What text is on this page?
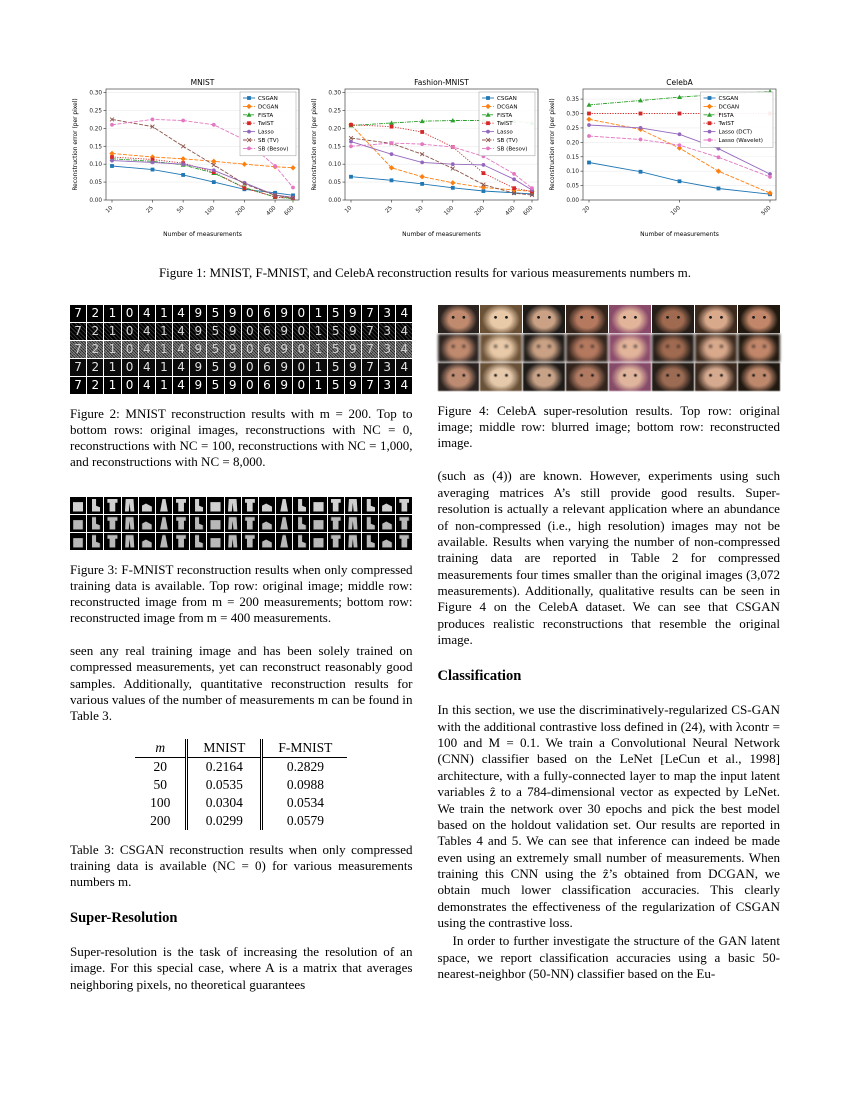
MNIST
0.00
0.05
0.10
0.15
0.20
0.25
0.30
Reconstruction error (per pixel)
10	25	50	100	200	400 600
Number of measurements
CSGAN
DCGAN
FISTA
TwIST
Lasso
SB (TV)
SB (Besov)
Fashion-MNIST
0.00
0.05
0.10
0.15
0.20
0.25
0.30
Reconstruction error (per pixel)
10	25	50	100	200	400 600
Number of measurements
CSGAN
DCGAN
FISTA
TwIST
Lasso
SB (TV)
SB (Besov)
CelebA
0.00
0.05
0.10
0.15
0.20
0.25
0.30
0.35
Reconstruction error (per pixel)
20	100	500
Number of measurements
CSGAN
DCGAN
FISTA
TwIST
Lasso (DCT)
Lasso (Wavelet)
Figure 1: MNIST, F-MNIST, and CelebA reconstruction results for various measurements numbers m.
7 2 1 0 4 1 4 9 5 9 0 6 9 0 1 5 9 7 3 4
7 2 1 0 4 1 4 9 5 9 0 6 9 0 1 5 9 7 3 4
7 2 1 0 4 1 4 9 5 9 0 6 9 0 1 5 9 7 3 4
7 2 1 0 4 1 4 9 5 9 0 6 9 0 1 5 9 7 3 4
7 2 1 0 4 1 4 9 5 9 0 6 9 0 1 5 9 7 3 4
Figure 2: MNIST reconstruction results with m = 200. Top to bottom rows: original images, reconstructions with NC = 0, reconstructions with NC = 100, reconstructions with NC = 1,000, and reconstructions with NC = 8,000.
Figure 3: F-MNIST reconstruction results when only compressed training data is available. Top row: original image; middle row: reconstructed image from m = 200 measurements; bottom row: reconstructed image from m = 400 measurements.

seen any real training image and has been solely trained on compressed measurements, yet can reconstruct reasonably good samples. Additionally, quantitative reconstruction results for various values of the number of measurements m can be found in Table 3.

m	MNIST	F-MNIST
20	0.2164	0.2829
50	0.0535	0.0988
100	0.0304	0.0534
200	0.0299	0.0579
Table 3: CSGAN reconstruction results when only compressed training data is available (NC = 0) for various measurements numbers m.
Super-Resolution

Super-resolution is the task of increasing the resolution of an image. For this special case, where A is a matrix that averages neighboring pixels, no theoretical guarantees

Figure 4: CelebA super-resolution results. Top row: original image; middle row: blurred image; bottom row: reconstructed image.

(such as (4)) are known. However, experiments using such averaging matrices A’s still provide good results. Super-resolution is actually a relevant application where an abundance of non-compressed (i.e., high resolution) images may not be available. Results when varying the number of non-compressed training data are reported in Table 2 for compressed measurements four times smaller than the original images (3,072 measurements). Additionally, qualitative results can be seen in Figure 4 on the CelebA dataset. We can see that CSGAN produces realistic reconstructions that resemble the original image.

Classification

In this section, we use the discriminatively-regularized CS-GAN with the additional contrastive loss defined in (24), with λcontr = 100 and M = 0.1. We train a Convolutional Neural Network (CNN) classifier based on the LeNet [LeCun et al., 1998] architecture, with a fully-connected layer to map the input latent variables ẑ to a 784-dimensional vector as expected by LeNet. We train the network over 30 epochs and pick the best model based on the holdout validation set. Our results are reported in Tables 4 and 5. We can see that inference can indeed be made even using an extremely small number of measurements. When training this CNN using the ẑ’s obtained from DCGAN, we obtain much lower classification accuracies. This clearly demonstrates the effectiveness of the regularization of CSGAN using the contrastive loss.

In order to further investigate the structure of the GAN latent space, we report classification accuracies using a basic 50-nearest-neighbor (50-NN) classifier based on the Eu-
